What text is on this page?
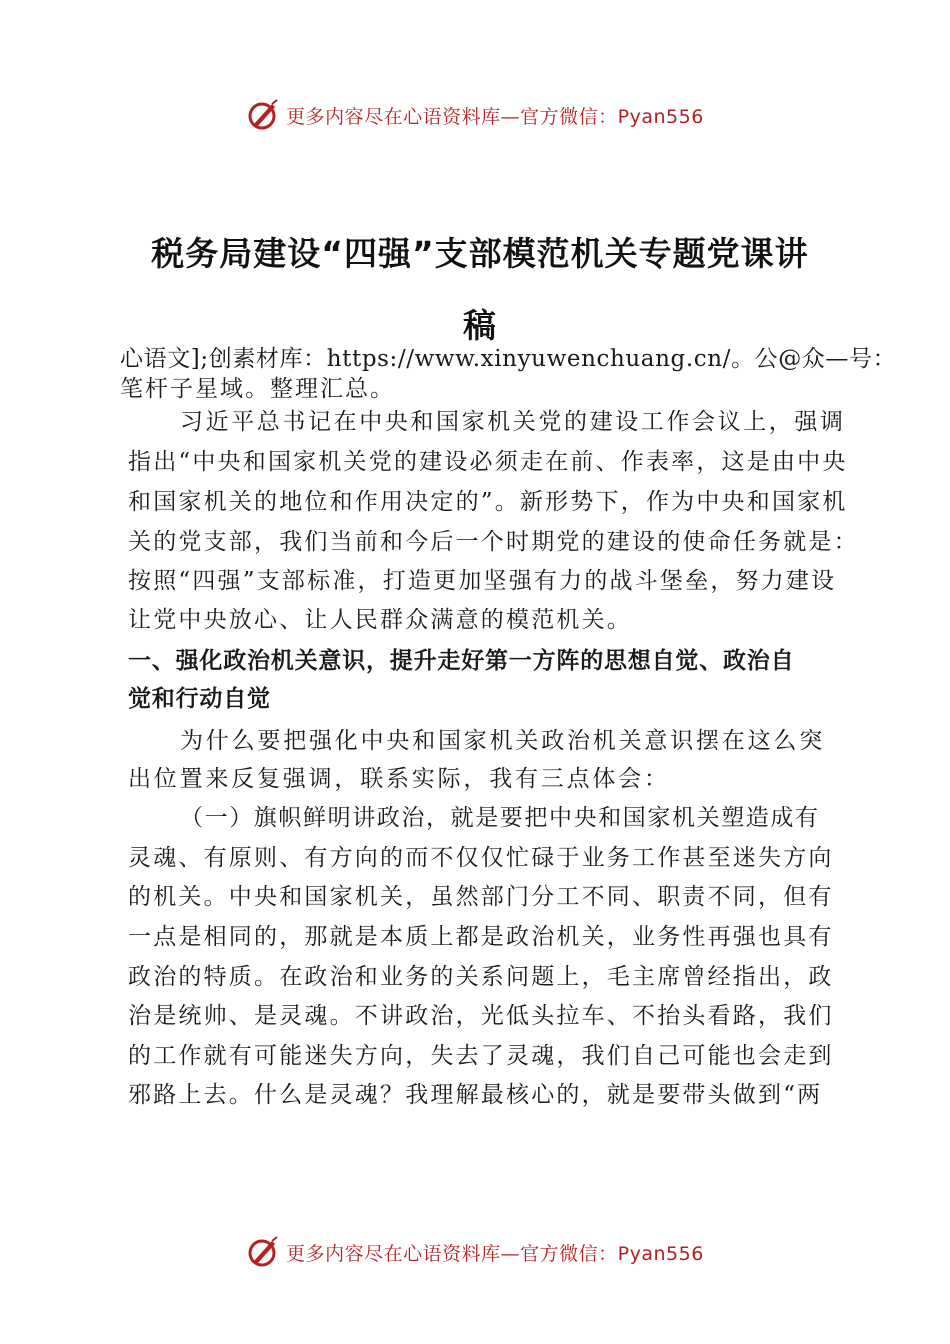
更多内容尽在心语资料库—官方微信：Pyan556
税务局建设“四强”支部模范机关专题党课讲
稿
心语文];创素材库：https://www.xinyuwenchuang.cn/。公@众—号：
笔杆子星域。整理汇总。
习近平总书记在中央和国家机关党的建设工作会议上，强调
指出“中央和国家机关党的建设必须走在前、作表率，这是由中央
和国家机关的地位和作用决定的”。新形势下，作为中央和国家机
关的党支部，我们当前和今后一个时期党的建设的使命任务就是：
按照“四强”支部标准，打造更加坚强有力的战斗堡垒，努力建设
让党中央放心、让人民群众满意的模范机关。
一、强化政治机关意识，提升走好第一方阵的思想自觉、政治自
觉和行动自觉
为什么要把强化中央和国家机关政治机关意识摆在这么突
出位置来反复强调，联系实际，我有三点体会：
（一）旗帜鲜明讲政治，就是要把中央和国家机关塑造成有
灵魂、有原则、有方向的而不仅仅忙碌于业务工作甚至迷失方向
的机关。中央和国家机关，虽然部门分工不同、职责不同，但有
一点是相同的，那就是本质上都是政治机关，业务性再强也具有
政治的特质。在政治和业务的关系问题上，毛主席曾经指出，政
治是统帅、是灵魂。不讲政治，光低头拉车、不抬头看路，我们
的工作就有可能迷失方向，失去了灵魂，我们自己可能也会走到
邪路上去。什么是灵魂？我理解最核心的，就是要带头做到“两
更多内容尽在心语资料库—官方微信：Pyan556
